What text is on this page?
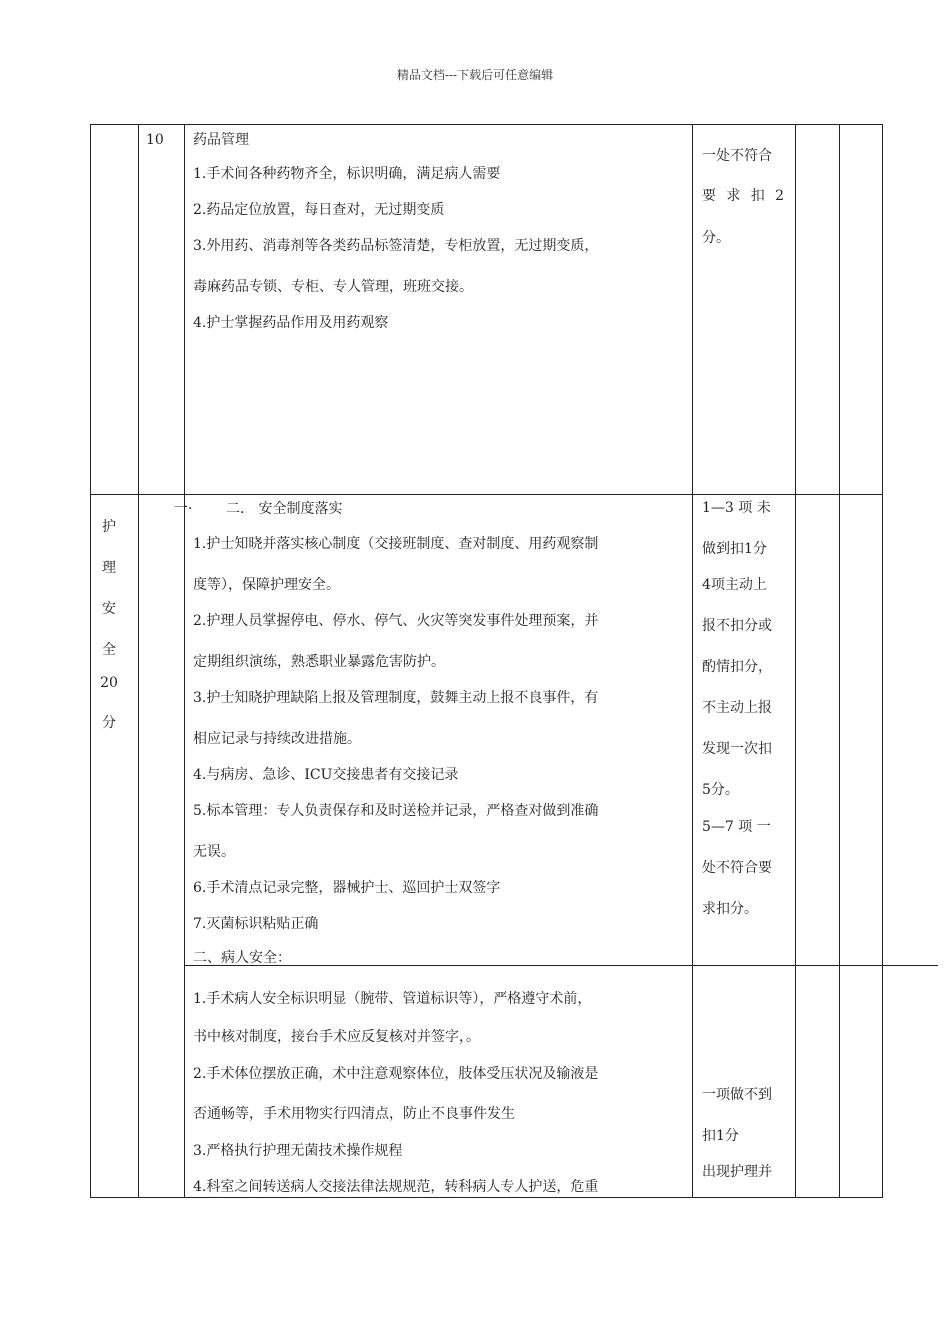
精品文档---下载后可任意编辑
10 药品管理
1.手术间各种药物齐全，标识明确，满足病人需要
2.药品定位放置，每日查对，无过期变质
3.外用药、消毒剂等各类药品标签清楚，专柜放置，无过期变质，
毒麻药品专锁、专柜、专人管理，班班交接。
4.护士掌握药品作用及用药观察
一处不符合
要 求 扣 2
分。
护
理
安
全
20
分
一· 二． 安全制度落实
1.护士知晓并落实核心制度（交接班制度、查对制度、用药观察制
度等），保障护理安全。
2.护理人员掌握停电、停水、停气、火灾等突发事件处理预案，并
定期组织演练，熟悉职业暴露危害防护。
3.护士知晓护理缺陷上报及管理制度，鼓舞主动上报不良事件，有
相应记录与持续改进措施。
4.与病房、急诊、ICU交接患者有交接记录
5.标本管理：专人负责保存和及时送检并记录，严格查对做到准确
无误。
6.手术清点记录完整，器械护士、巡回护士双签字
7.灭菌标识粘贴正确
二、病人安全：
1—3 项 未
做到扣1分
4项主动上
报不扣分或
酌情扣分，
不主动上报
发现一次扣
5分。
5—7 项 一
处不符合要
求扣分。
1.手术病人安全标识明显（腕带、管道标识等），严格遵守术前，
书中核对制度，接台手术应反复核对并签字，。
2.手术体位摆放正确，术中注意观察体位，肢体受压状况及输液是
否通畅等，手术用物实行四清点，防止不良事件发生
3.严格执行护理无菌技术操作规程
4.科室之间转送病人交接法律法规规范，转科病人专人护送，危重
一项做不到
扣1分
出现护理并
